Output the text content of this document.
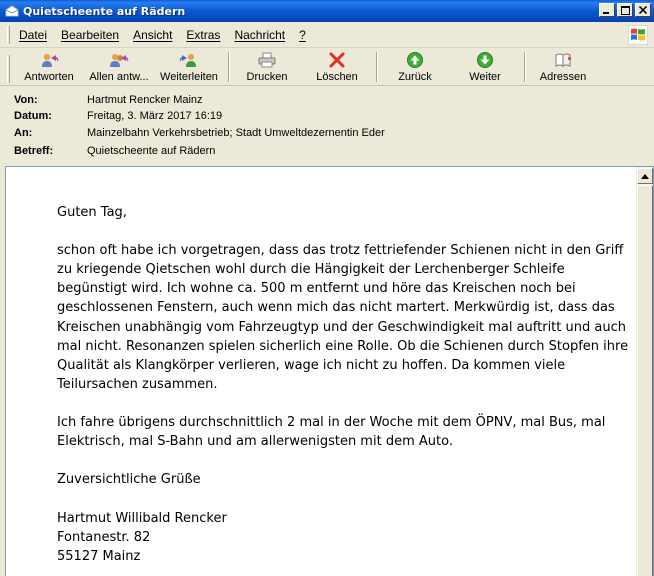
Quietscheente auf Rädern
Datei Bearbeiten Ansicht Extras Nachricht ?
Antworten Allen antw... Weiterleiten	Drucken	Löschen	Zurück	Weiter	Adressen
Von:	Hartmut Rencker Mainz
Datum:	Freitag, 3. März 2017 16:19
An:	Mainzelbahn Verkehrsbetrieb; Stadt Umweltdezernentin Eder
Betreff:	Quietscheente auf Rädern

Guten Tag,

schon oft habe ich vorgetragen, dass das trotz fettriefender Schienen nicht in den Griff zu kriegende Qietschen wohl durch die Hängigkeit der Lerchenberger Schleife begünstigt wird. Ich wohne ca. 500 m entfernt und höre das Kreischen noch bei geschlossenen Fenstern, auch wenn mich das nicht martert. Merkwürdig ist, dass das Kreischen unabhängig vom Fahrzeugtyp und der Geschwindigkeit mal auftritt und auch mal nicht. Resonanzen spielen sicherlich eine Rolle. Ob die Schienen durch Stopfen ihre Qualität als Klangkörper verlieren, wage ich nicht zu hoffen. Da kommen viele Teilursachen zusammen.

Ich fahre übrigens durchschnittlich 2 mal in der Woche mit dem ÖPNV, mal Bus, mal Elektrisch, mal S-Bahn und am allerwenigsten mit dem Auto.

Zuversichtliche Grüße

Hartmut Willibald Rencker

Fontanestr. 82

55127 Mainz
